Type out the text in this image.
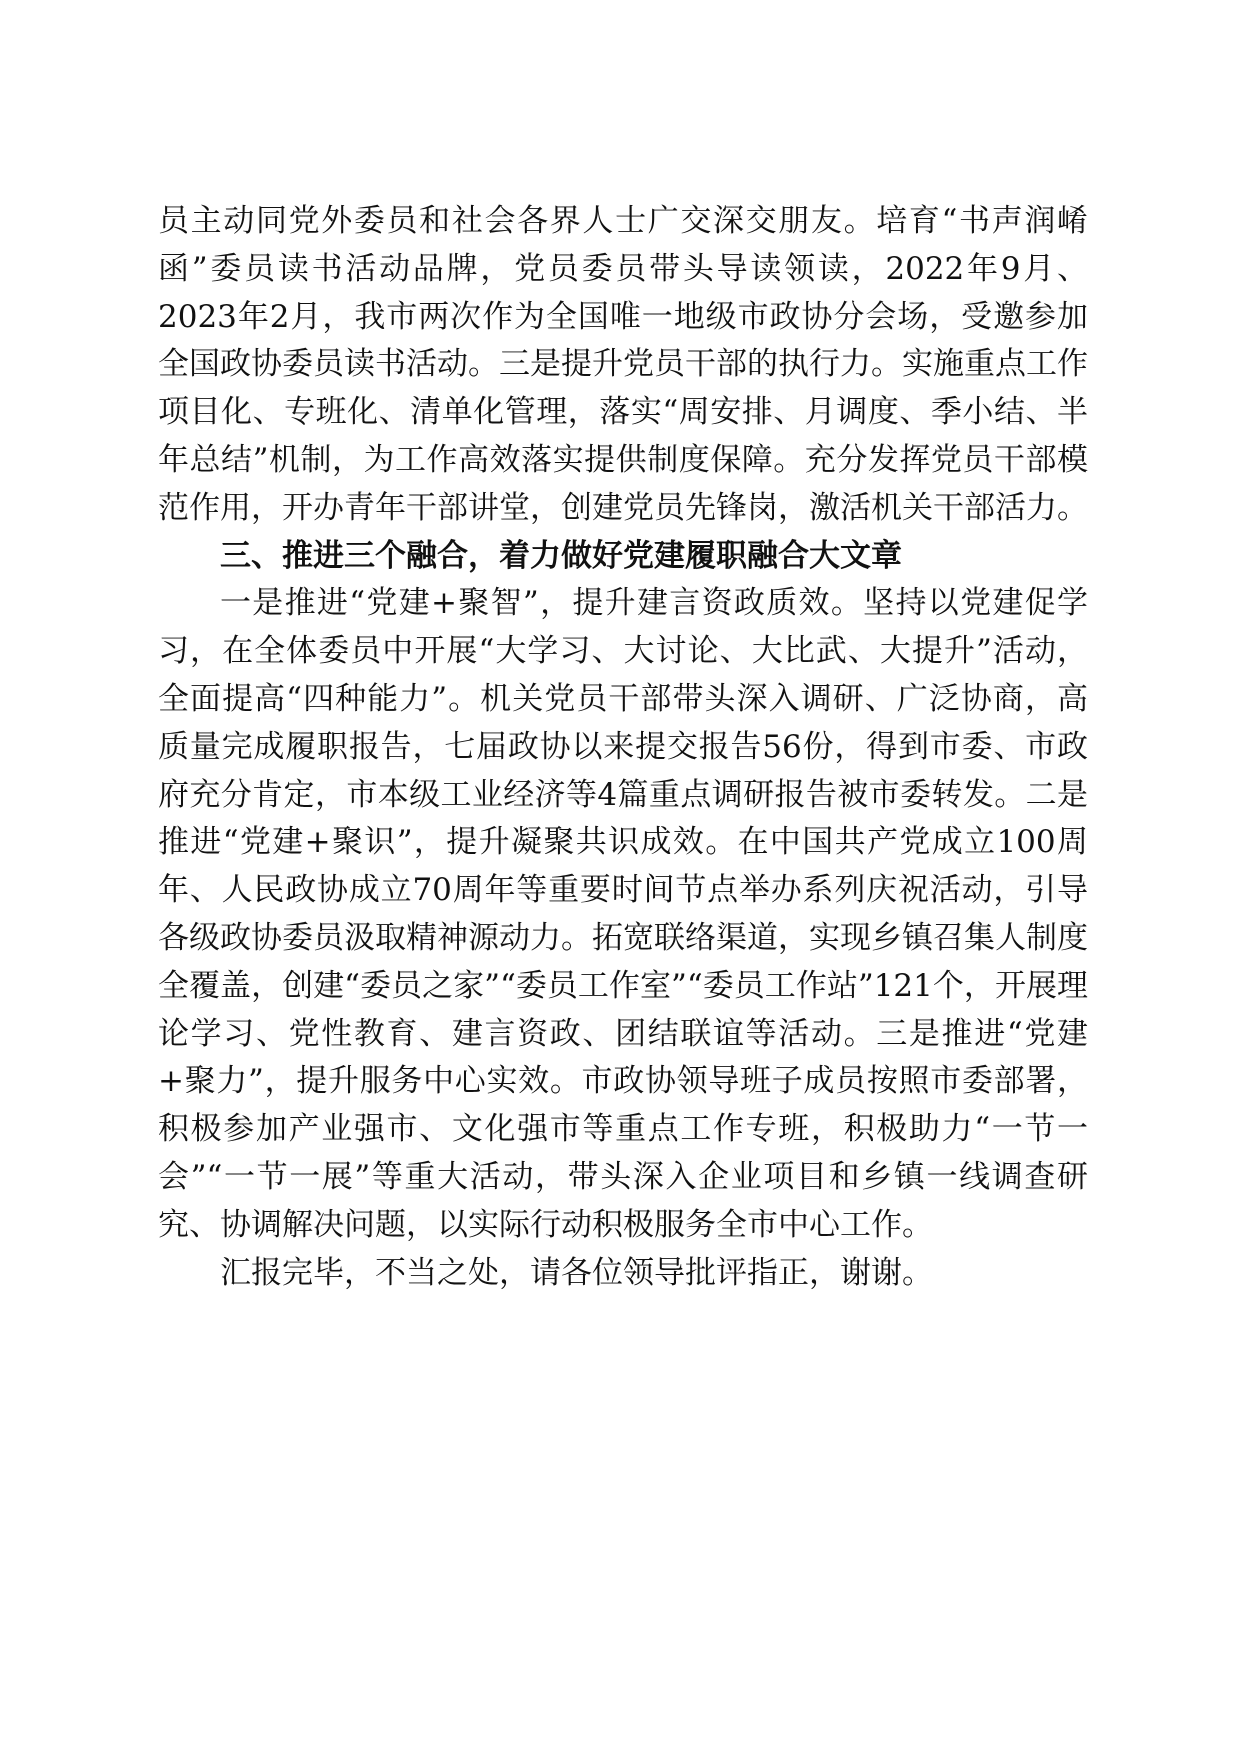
员主动同党外委员和社会各界人士广交深交朋友。培育“书声润崤函”委员读书活动品牌，党员委员带头导读领读，2022年9月、2023年2月，我市两次作为全国唯一地级市政协分会场，受邀参加全国政协委员读书活动。三是提升党员干部的执行力。实施重点工作项目化、专班化、清单化管理，落实“周安排、月调度、季小结、半年总结”机制，为工作高效落实提供制度保障。充分发挥党员干部模范作用，开办青年干部讲堂，创建党员先锋岗，激活机关干部活力。

三、推进三个融合，着力做好党建履职融合大文章

一是推进“党建+聚智”，提升建言资政质效。坚持以党建促学习，在全体委员中开展“大学习、大讨论、大比武、大提升”活动，全面提高“四种能力”。机关党员干部带头深入调研、广泛协商，高质量完成履职报告，七届政协以来提交报告56份，得到市委、市政府充分肯定，市本级工业经济等4篇重点调研报告被市委转发。二是推进“党建+聚识”，提升凝聚共识成效。在中国共产党成立100周年、人民政协成立70周年等重要时间节点举办系列庆祝活动，引导各级政协委员汲取精神源动力。拓宽联络渠道，实现乡镇召集人制度全覆盖，创建“委员之家”“委员工作室”“委员工作站”121个，开展理论学习、党性教育、建言资政、团结联谊等活动。三是推进“党建+聚力”，提升服务中心实效。市政协领导班子成员按照市委部署，积极参加产业强市、文化强市等重点工作专班，积极助力“一节一会”“一节一展”等重大活动，带头深入企业项目和乡镇一线调查研究、协调解决问题，以实际行动积极服务全市中心工作。

汇报完毕，不当之处，请各位领导批评指正，谢谢。
